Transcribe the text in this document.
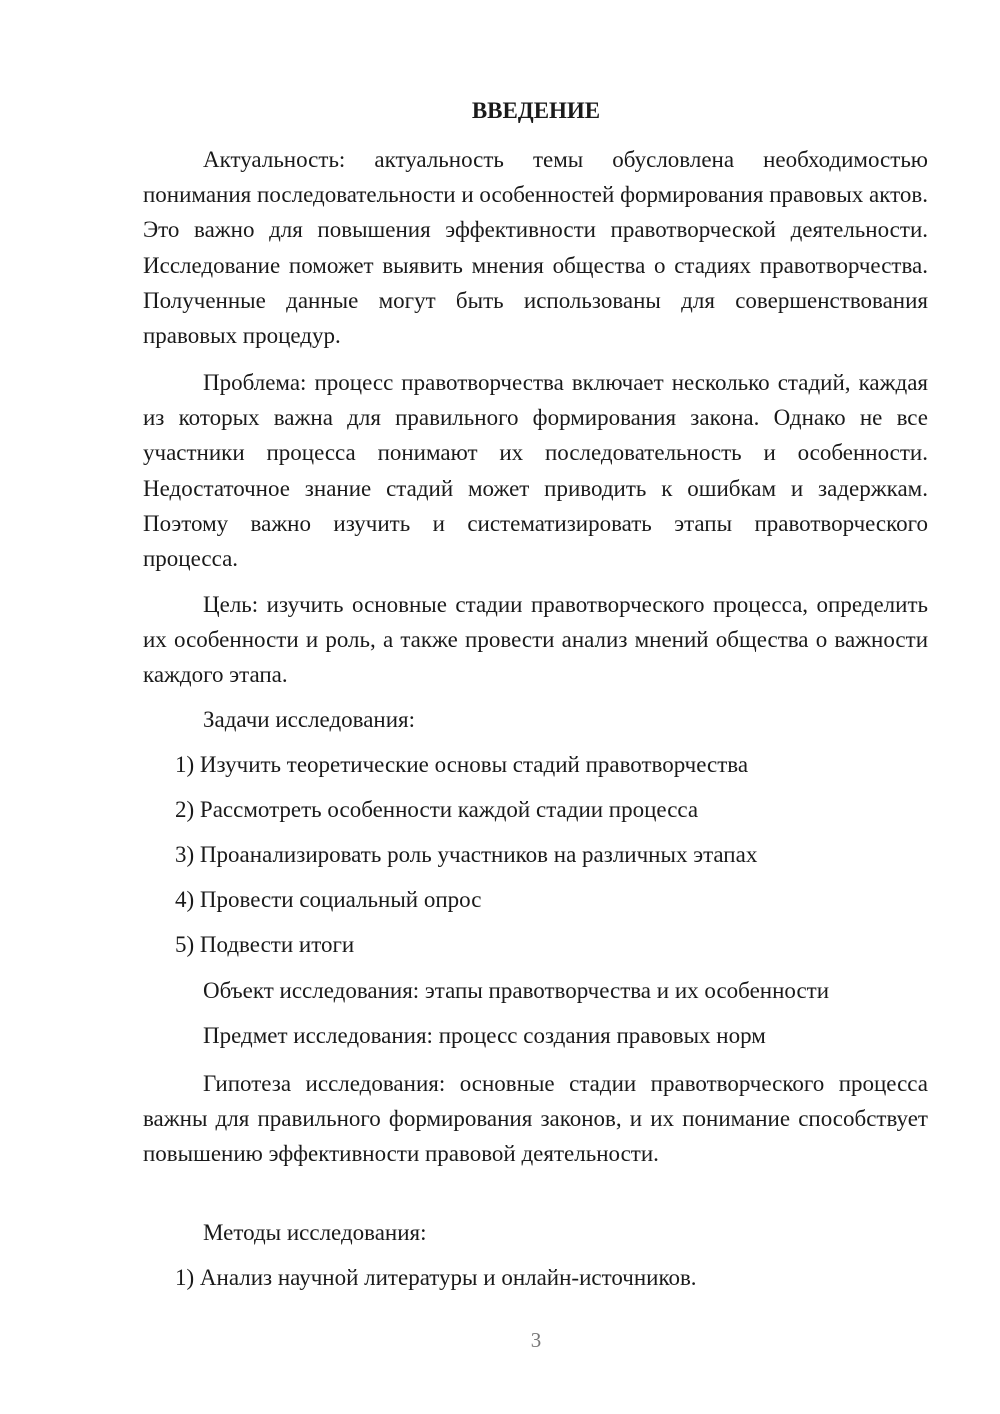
ВВЕДЕНИЕ

Актуальность: актуальность темы обусловлена необходимостью понимания последовательности и особенностей формирования правовых актов. Это важно для повышения эффективности правотворческой деятельности. Исследование поможет выявить мнения общества о стадиях правотворчества. Полученные данные могут быть использованы для совершенствования правовых процедур.

Проблема: процесс правотворчества включает несколько стадий, каждая из которых важна для правильного формирования закона. Однако не все участники процесса понимают их последовательность и особенности. Недостаточное знание стадий может приводить к ошибкам и задержкам. Поэтому важно изучить и систематизировать этапы правотворческого процесса.

Цель: изучить основные стадии правотворческого процесса, определить их особенности и роль, а также провести анализ мнений общества о важности каждого этапа.

Задачи исследования:
1) Изучить теоретические основы стадий правотворчества
2) Рассмотреть особенности каждой стадии процесса
3) Проанализировать роль участников на различных этапах
4) Провести социальный опрос
5) Подвести итоги
Объект исследования: этапы правотворчества и их особенности
Предмет исследования: процесс создания правовых норм

Гипотеза исследования: основные стадии правотворческого процесса важны для правильного формирования законов, и их понимание способствует повышению эффективности правовой деятельности.

Методы исследования:
1) Анализ научной литературы и онлайн-источников.
3
